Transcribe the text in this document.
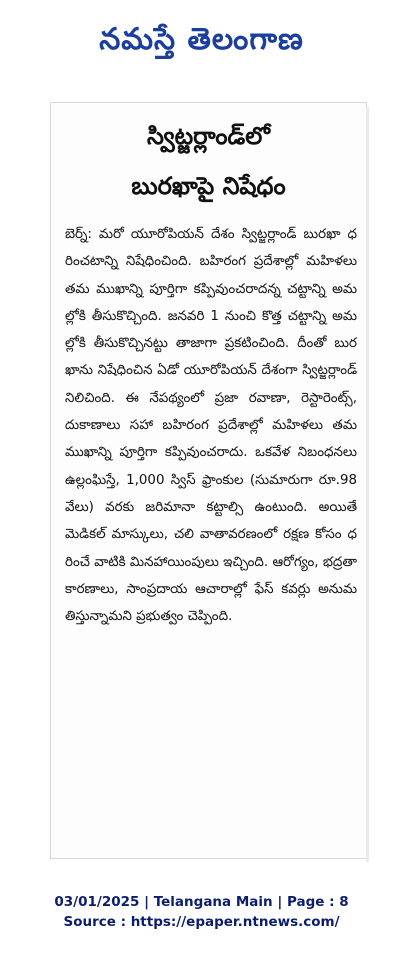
నమస్తే తెలంగాణ
స్విట్జర్లాండ్‌లో
బురఖాపై నిషేధం

బెర్న్: మరో యూరోపియన్ దేశం స్విట్జర్లాండ్ బురఖా ధరించటాన్ని నిషేధించింది. బహిరంగ ప్రదేశాల్లో మహిళలు తమ ముఖాన్ని పూర్తిగా కప్పివుంచరాదన్న చట్టాన్ని అమల్లోకి తీసుకొచ్చింది. జనవరి 1 నుంచి కొత్త చట్టాన్ని అమల్లోకి తీసుకొచ్చినట్టు తాజాగా ప్రకటించింది. దీంతో బురఖాను నిషేధించిన ఏడో యూరోపియన్ దేశంగా స్విట్జర్లాండ్ నిలిచింది. ఈ నేపథ్యంలో ప్రజా రవాణా, రెస్టారెంట్స్, దుకాణాలు సహా బహిరంగ ప్రదేశాల్లో మహిళలు తమ ముఖాన్ని పూర్తిగా కప్పివుంచరాదు. ఒకవేళ నిబంధనలు ఉల్లంఘిస్తే, 1,000 స్విస్ ఫ్రాంకుల (సుమారుగా రూ.98వేలు) వరకు జరిమానా కట్టాల్సి ఉంటుంది. అయితే మెడికల్ మాస్కులు, చలి వాతావరణంలో రక్షణ కోసం ధరించే వాటికి మినహాయింపులు ఇచ్చింది. ఆరోగ్యం, భద్రతా కారణాలు, సాంప్రదాయ ఆచారాల్లో ఫేస్ కవర్లు అనుమతిస్తున్నామని ప్రభుత్వం చెప్పింది.

03/01/2025 | Telangana Main | Page : 8
Source : https://epaper.ntnews.com/
